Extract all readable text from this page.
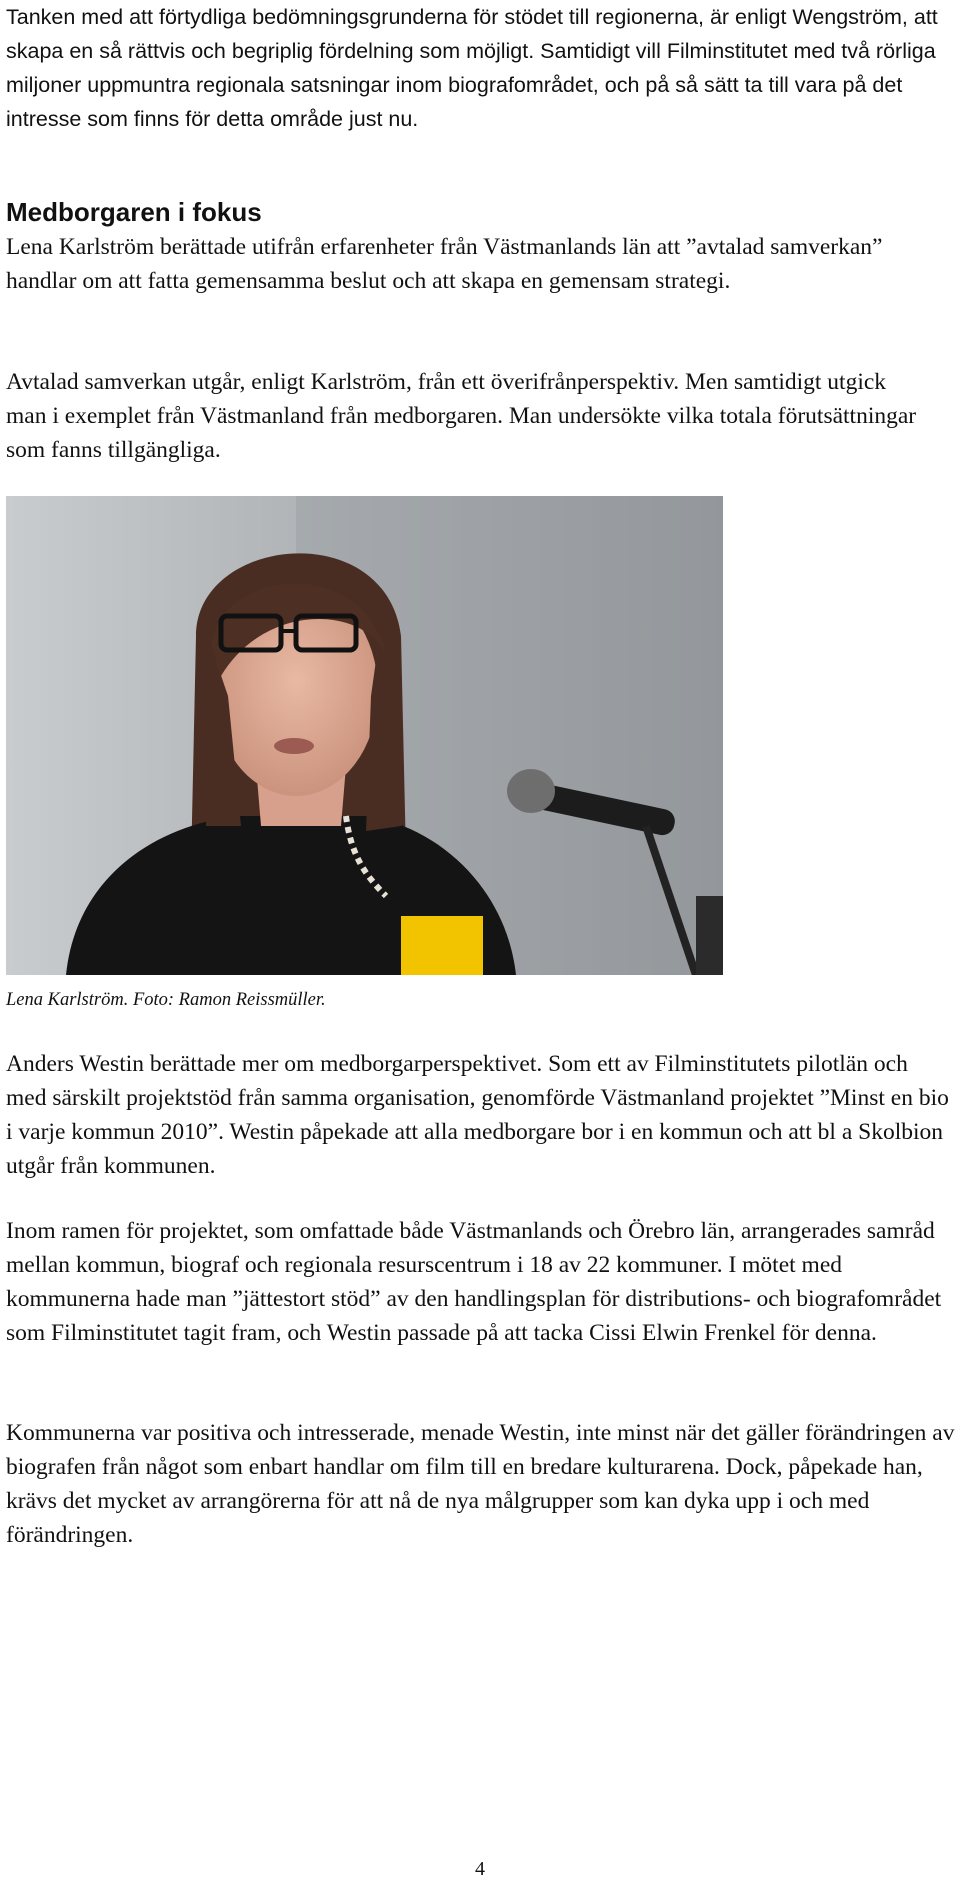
Tanken med att förtydliga bedömningsgrunderna för stödet till regionerna, är enligt Wengström, att skapa en så rättvis och begriplig fördelning som möjligt. Samtidigt vill Filminstitutet med två rörliga miljoner uppmuntra regionala satsningar inom biografområdet, och på så sätt ta till vara på det intresse som finns för detta område just nu.

Medborgaren i fokus

Lena Karlström berättade utifrån erfarenheter från Västmanlands län att ”avtalad samverkan” handlar om att fatta gemensamma beslut och att skapa en gemensam strategi.

Avtalad samverkan utgår, enligt Karlström, från ett överifrånperspektiv. Men samtidigt utgick man i exemplet från Västmanland från medborgaren. Man undersökte vilka totala förutsättningar som fanns tillgängliga.

Lena Karlström. Foto: Ramon Reissmüller.

Anders Westin berättade mer om medborgarperspektivet. Som ett av Filminstitutets pilotlän och med särskilt projektstöd från samma organisation, genomförde Västmanland projektet ”Minst en bio i varje kommun 2010”. Westin påpekade att alla medborgare bor i en kommun och att bl a Skolbion utgår från kommunen.

Inom ramen för projektet, som omfattade både Västmanlands och Örebro län, arrangerades samråd mellan kommun, biograf och regionala resurscentrum i 18 av 22 kommuner. I mötet med kommunerna hade man ”jättestort stöd” av den handlingsplan för distributions- och biografområdet som Filminstitutet tagit fram, och Westin passade på att tacka Cissi Elwin Frenkel för denna.

Kommunerna var positiva och intresserade, menade Westin, inte minst när det gäller förändringen av biografen från något som enbart handlar om film till en bredare kulturarena. Dock, påpekade han, krävs det mycket av arrangörerna för att nå de nya målgrupper som kan dyka upp i och med förändringen.

4
